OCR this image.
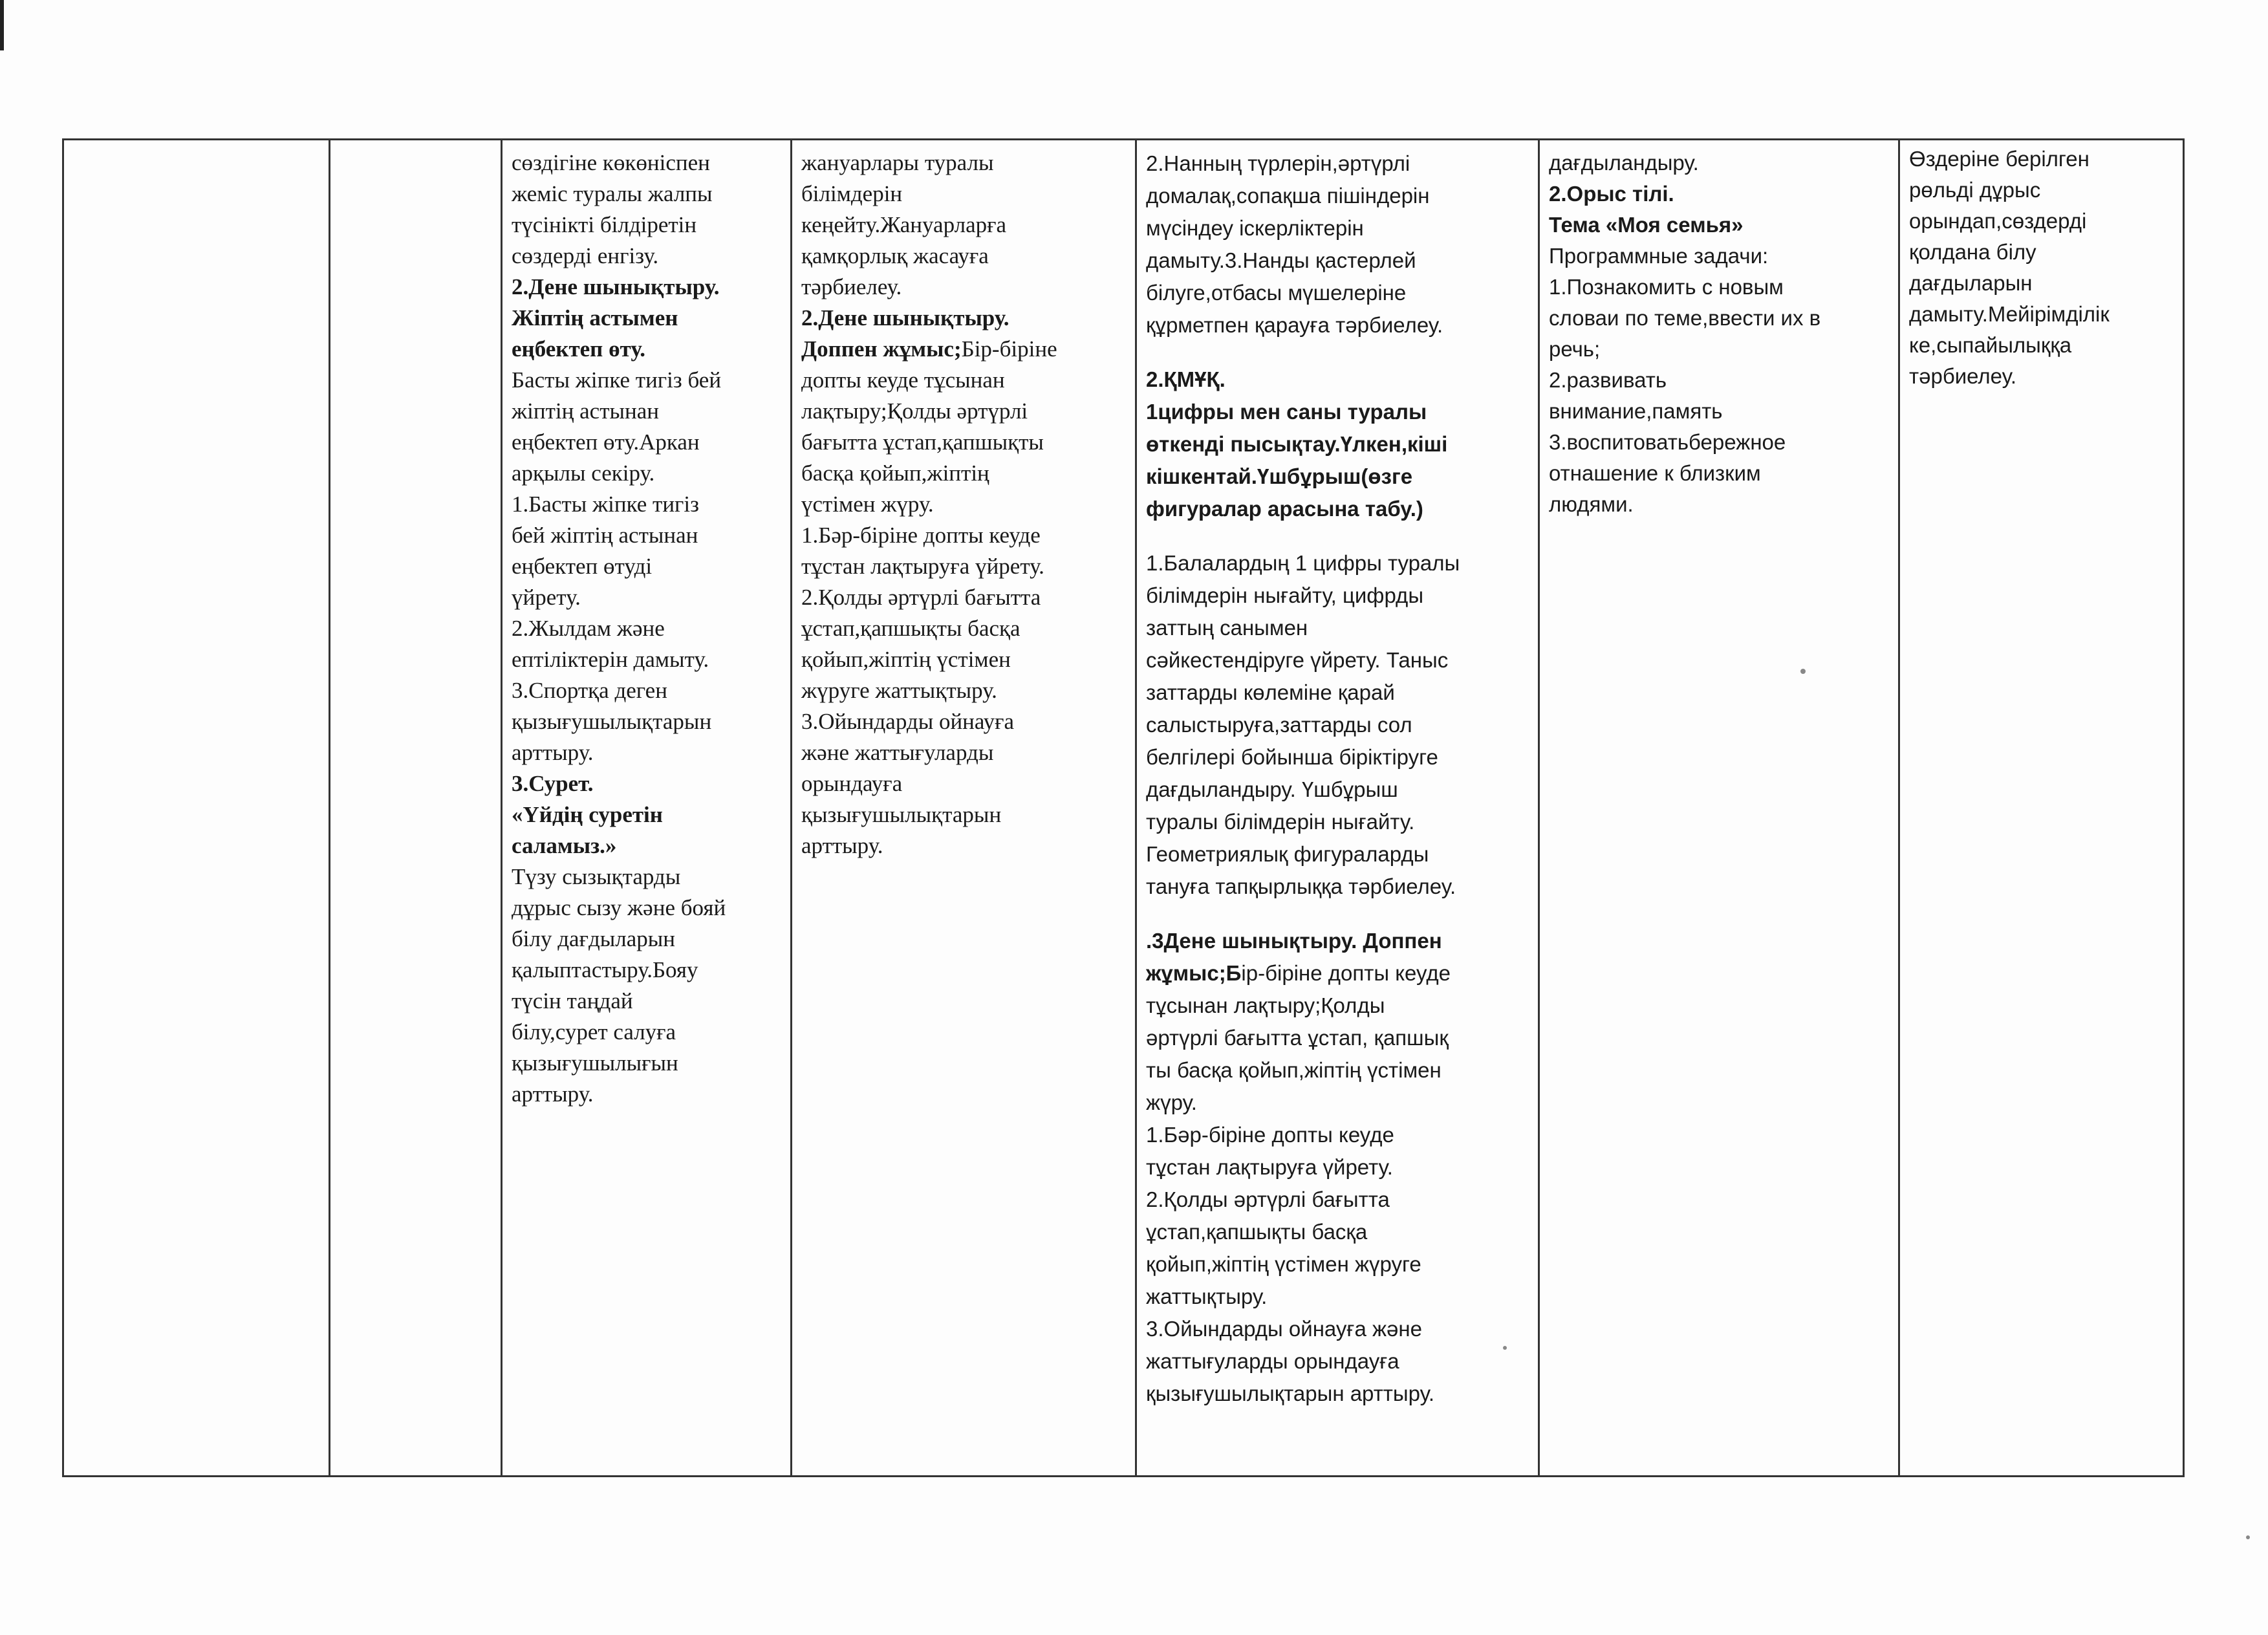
сөздігіне көкөніспен

жеміс туралы жалпы

түсінікті білдіретін

сөздерді енгізу.

2.Дене шынықтыру.

Жіптің астымен

еңбектеп өту.

Басты жіпке тигіз бей

жіптің астынан

еңбектеп өту.Аркан

арқылы секіру.

1.Басты жіпке тигіз

бей жіптің астынан

еңбектеп өтуді

үйрету.

2.Жылдам және

ептіліктерін дамыту.

3.Спортқа деген

қызығушылықтарын

арттыру.

3.Сурет.

«Үйдің суретін

саламыз.»

Түзу сызықтарды

дұрыс сызу және бояй

білу дағдыларын

қалыптастыру.Бояу

түсін таңдай

білу,сурет салуға

қызығушылығын

арттыру.

жануарлары туралы

білімдерін

кеңейту.Жануарларға

қамқорлық жасауға

тәрбиелеу.

2.Дене шынықтыру.

Доппен жұмыс;Бір-біріне

допты кеуде тұсынан

лақтыру;Қолды әртүрлі

бағытта ұстап,қапшықты

басқа қойып,жіптің

үстімен жүру.

1.Бәр-біріне допты кеуде

тұстан лақтыруға үйрету.

2.Қолды әртүрлі бағытта

ұстап,қапшықты басқа

қойып,жіптің үстімен

жүруге жаттықтыру.

3.Ойындарды ойнауға

және жаттығуларды

орындауға

қызығушылықтарын

арттыру.

2.Нанның түрлерін,әртүрлі

домалақ,сопақша пішіндерін

мүсіндеу іскерліктерін

дамыту.3.Нанды қастерлей

білуге,отбасы мүшелеріне

құрметпен қарауға тәрбиелеу.

2.ҚМҰҚ.

1цифры мен саны туралы

өткенді пысықтау.Үлкен,кіші

кішкентай.Үшбұрыш(өзге

фигуралар арасына табу.)

1.Балалардың 1 цифры туралы

білімдерін нығайту, цифрды

заттың санымен

сәйкестендіруге үйрету. Таныс

заттарды көлеміне қарай

салыстыруға,заттарды сол

белгілері бойынша біріктіруге

дағдыландыру. Үшбұрыш

туралы білімдерін нығайту.

Геометриялық фигураларды

тануға тапқырлыққа тәрбиелеу.

.3Дене шынықтыру. Доппен

жұмыс;Бір-біріне допты кеуде

тұсынан лақтыру;Қолды

әртүрлі бағытта ұстап, қапшық

ты басқа қойып,жіптің үстімен

жүру.

1.Бәр-біріне допты кеуде

тұстан лақтыруға үйрету.

2.Қолды әртүрлі бағытта

ұстап,қапшықты басқа

қойып,жіптің үстімен жүруге

жаттықтыру.

3.Ойындарды ойнауға және

жаттығуларды орындауға

қызығушылықтарын арттыру.

дағдыландыру.

2.Орыс тілі.

Тема «Моя семья»

Программные задачи:

1.Познакомить с новым

словаи по теме,ввести их в

речь;

2.развивать

внимание,память

3.воспитоватьбережное

отнашение к близким

людями.

Өздеріне берілген

рөльді дұрыс

орындап,сөздерді

қолдана білу

дағдыларын

дамыту.Мейірімділік

ке,сыпайылыққа

тәрбиелеу.
